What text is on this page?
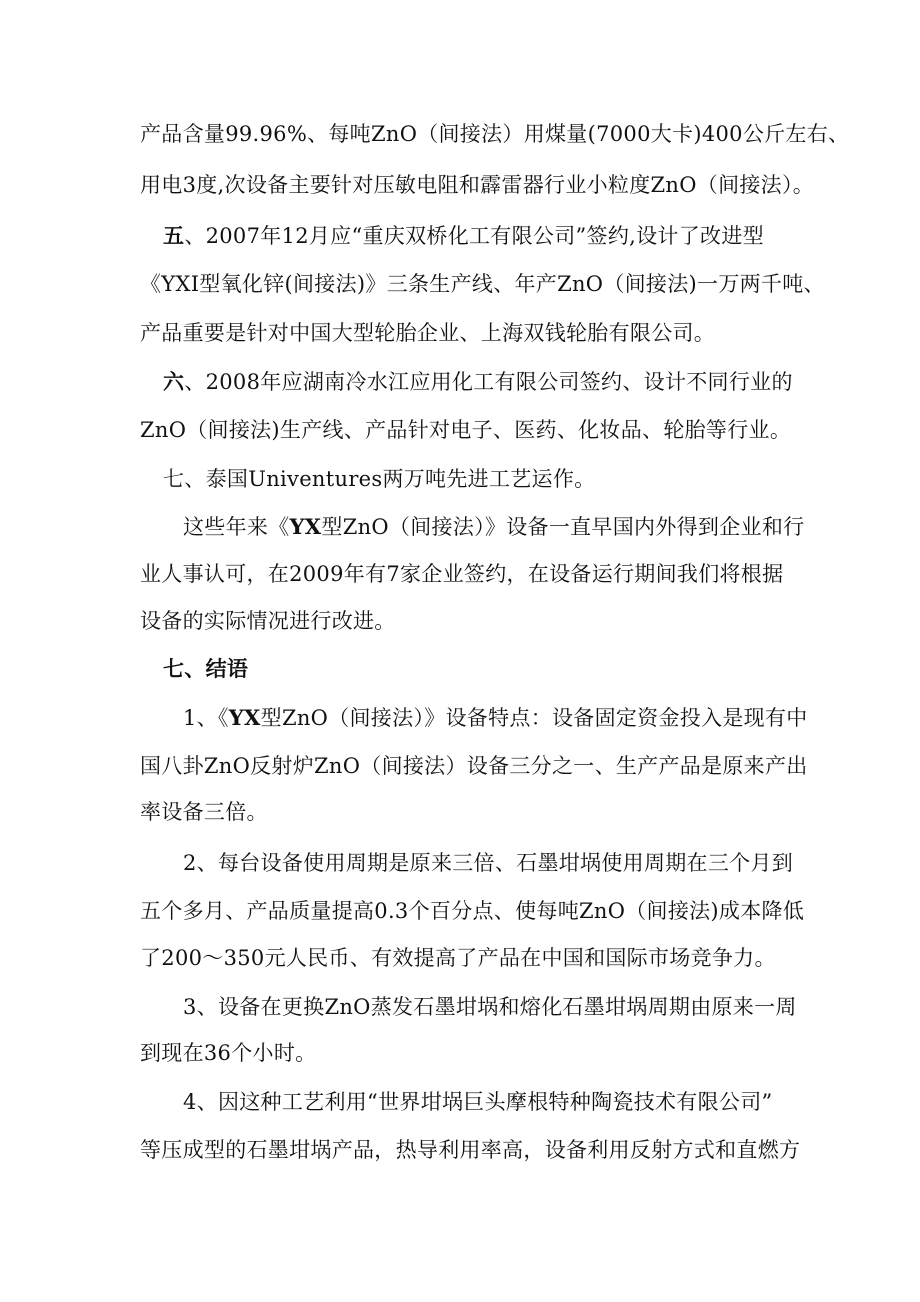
产品含量99.96%、每吨ZnO（间接法）用煤量(7000大卡)400公斤左右、
用电3度,次设备主要针对压敏电阻和霹雷器行业小粒度ZnO（间接法）。
五、2007年12月应“重庆双桥化工有限公司”签约,设计了改进型
《YXI型氧化锌(间接法)》三条生产线、年产ZnO（间接法)一万两千吨、
产品重要是针对中国大型轮胎企业、上海双钱轮胎有限公司。
六、2008年应湖南冷水江应用化工有限公司签约、设计不同行业的
ZnO（间接法)生产线、产品针对电子、医药、化妆品、轮胎等行业。
七、泰国Univentures两万吨先进工艺运作。
这些年来《YX型ZnO（间接法）》设备一直早国内外得到企业和行
业人事认可，在2009年有7家企业签约，在设备运行期间我们将根据
设备的实际情况进行改进。
七、结语
1、《YX型ZnO（间接法）》设备特点：设备固定资金投入是现有中
国八卦ZnO反射炉ZnO（间接法）设备三分之一、生产产品是原来产出
率设备三倍。
2、每台设备使用周期是原来三倍、石墨坩埚使用周期在三个月到
五个多月、产品质量提高0.3个百分点、使每吨ZnO（间接法)成本降低
了200～350元人民币、有效提高了产品在中国和国际市场竞争力。
3、设备在更换ZnO蒸发石墨坩埚和熔化石墨坩埚周期由原来一周
到现在36个小时。
4、因这种工艺利用“世界坩埚巨头摩根特种陶瓷技术有限公司”
等压成型的石墨坩埚产品，热导利用率高，设备利用反射方式和直燃方
